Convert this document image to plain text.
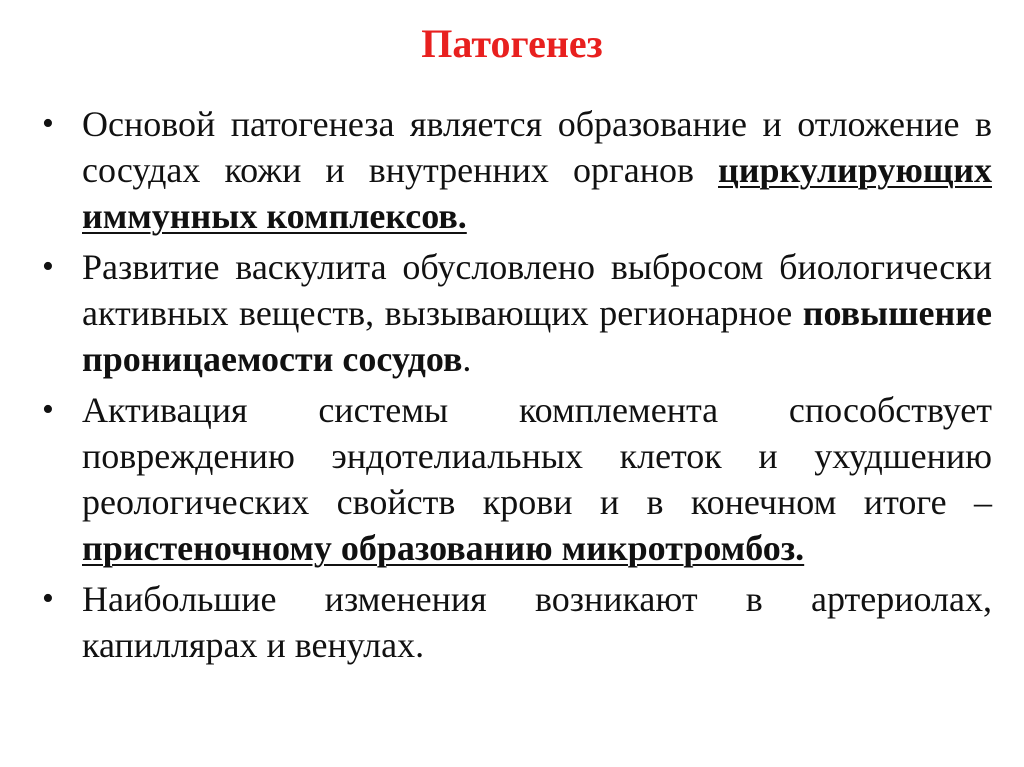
Патогенез
• Основой патогенеза является образование и отложение в сосудах кожи и внутренних органов циркулирующих иммунных комплексов.
• Развитие васкулита обусловлено выбросом биологически активных веществ, вызывающих регионарное повышение проницаемости сосудов.
• Активация системы комплемента способствует повреждению эндотелиальных клеток и ухудшению реологических свойств крови и в конечном итоге – пристеночному образованию микротромбоз.
• Наибольшие изменения возникают в артериолах, капиллярах и венулах.
